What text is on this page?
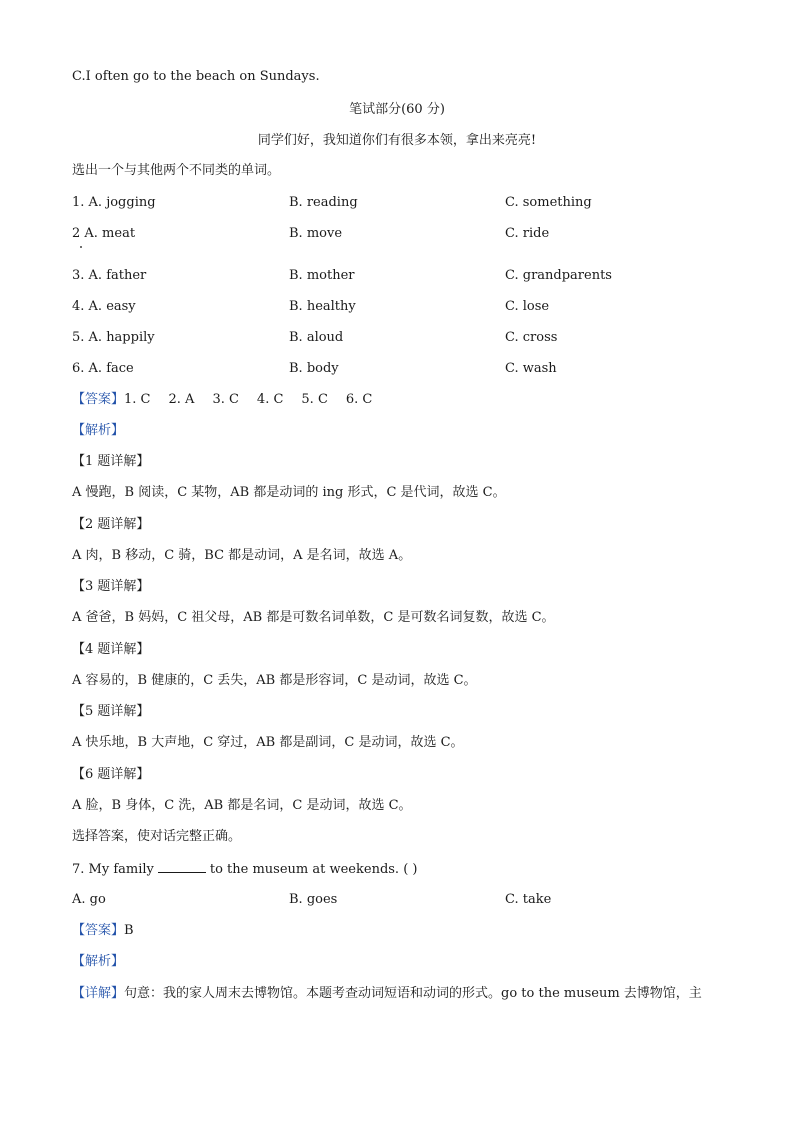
C.I often go to the beach on Sundays.
笔试部分(60 分)
同学们好，我知道你们有很多本领，拿出来亮亮!
选出一个与其他两个不同类的单词。
1. A. jogging	B. reading	C. something
2 A. meat	B. move	C. ride
3. A. father	B. mother	C. grandparents
4. A. easy	B. healthy	C. lose
5. A. happily	B. aloud	C. cross
6. A. face	B. body	C. wash
【答案】1. C 2. A 3. C 4. C 5. C 6. C
【解析】
【1 题详解】
A 慢跑，B 阅读，C 某物，AB 都是动词的 ing 形式，C 是代词，故选 C。
【2 题详解】
A 肉，B 移动，C 骑，BC 都是动词，A 是名词，故选 A。
【3 题详解】
A 爸爸，B 妈妈，C 祖父母，AB 都是可数名词单数，C 是可数名词复数，故选 C。
【4 题详解】
A 容易的，B 健康的，C 丢失，AB 都是形容词，C 是动词，故选 C。
【5 题详解】
A 快乐地，B 大声地，C 穿过，AB 都是副词，C 是动词，故选 C。
【6 题详解】
A 脸，B 身体，C 洗，AB 都是名词，C 是动词，故选 C。
选择答案，使对话完整正确。
7. My family	to the museum at weekends. ( )
A. go	B. goes	C. take
【答案】B
【解析】
【详解】句意：我的家人周末去博物馆。本题考查动词短语和动词的形式。go to the museum 去博物馆，主
